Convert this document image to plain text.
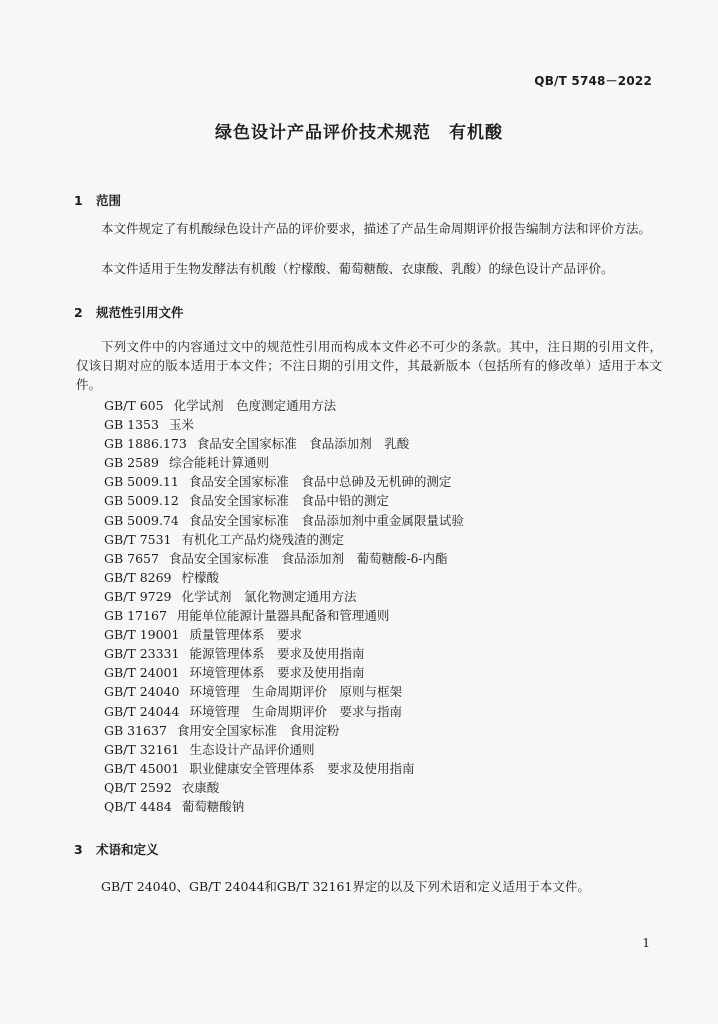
QB/T 5748－2022
绿色设计产品评价技术规范　有机酸
1 范围
本文件规定了有机酸绿色设计产品的评价要求，描述了产品生命周期评价报告编制方法和评价方法。
本文件适用于生物发酵法有机酸（柠檬酸、葡萄糖酸、衣康酸、乳酸）的绿色设计产品评价。
2 规范性引用文件
下列文件中的内容通过文中的规范性引用而构成本文件必不可少的条款。其中，注日期的引用文件，仅该日期对应的版本适用于本文件；不注日期的引用文件，其最新版本（包括所有的修改单）适用于本文件。
GB/T 605 化学试剂　色度测定通用方法
GB 1353 玉米
GB 1886.173 食品安全国家标准　食品添加剂　乳酸
GB 2589 综合能耗计算通则
GB 5009.11 食品安全国家标准　食品中总砷及无机砷的测定
GB 5009.12 食品安全国家标准　食品中铅的测定
GB 5009.74 食品安全国家标准　食品添加剂中重金属限量试验
GB/T 7531 有机化工产品灼烧残渣的测定
GB 7657 食品安全国家标准　食品添加剂　葡萄糖酸-δ-内酯
GB/T 8269 柠檬酸
GB/T 9729 化学试剂　氯化物测定通用方法
GB 17167 用能单位能源计量器具配备和管理通则
GB/T 19001 质量管理体系　要求
GB/T 23331 能源管理体系　要求及使用指南
GB/T 24001 环境管理体系　要求及使用指南
GB/T 24040 环境管理　生命周期评价　原则与框架
GB/T 24044 环境管理　生命周期评价　要求与指南
GB 31637 食用安全国家标准　食用淀粉
GB/T 32161 生态设计产品评价通则
GB/T 45001 职业健康安全管理体系　要求及使用指南
QB/T 2592 衣康酸
QB/T 4484 葡萄糖酸钠
3 术语和定义
GB/T 24040、GB/T 24044和GB/T 32161界定的以及下列术语和定义适用于本文件。
1
